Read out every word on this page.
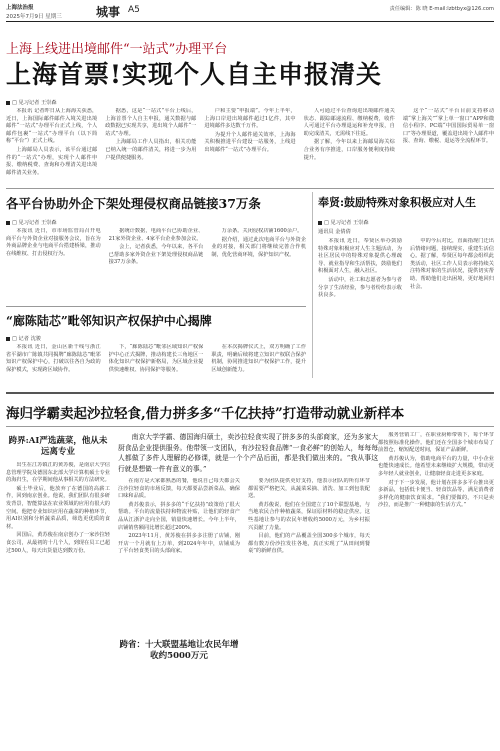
上海法治报
2025年7月9日 星期三	城事 A5	责任编辑：陈 晓 E-mail:lzbtbyx@126.com
上海上线进出境邮件“一站式”办理平台
上海首票!实现个人自主申报清关
□ 见习记者 王崇森

本报讯 记者昨日从上海海关获悉，近日，上海国际邮件邮件入境关进出境邮件“一站式”办理平台正式上线，个人邮件包裹“一站式”办理平台（以下简称“平台”）正式上线。

上海邮局人员表示，该平台通过邮件的“一站式”办理，实现个人邮件申报、缴纳税费、查询和办理清关进出境邮件清关业务。

据悉，这是“一站式”平台上线后，上海首票个人自主申报，通关数据与邮政数据已实现共享，进出境个人邮件“一站式”办理。

上海邮局工作人员指出，相关功能已纳入统一的邮件清关，将进一步为用户提供便捷服务。

户和主要“申报端”。今年上半年，上海口岸进出境邮件超过1亿件，其中进境邮件多达数千万件。

为提升个人邮件通关效率，上海海关积极推进平台建设一站服务，上线进出境邮件“一站式”办理平台。

人可通过平台查询进出境邮件通关状态、跟踪邮递流程、缴纳税费，收件人可通过平台办理退运和补充申报，自助完成清关，无需线下往返。

据了解，今年以来上海邮局海关综合业务有序推进，口岸服务便利度持续提升。

这个“一站式”平台目前支持移动端“掌上海关”“掌上单一窗口”APP和微信小程序、PC端“中国国际贸易单一窗口”等办理渠道，覆盖进出境个人邮件申报、查询、缴税、退运等全流程环节。

各平台协助外企下架处理侵权商品链接37万条
□ 见习记者 王崇森

本报讯 近日，市市场监管局召开电商平台与外资企业对接服务会议，旨在为外商品牌企业与电商平台搭建桥梁，推动在线维权、打击侵权行为。

据统计数据，电商平台已协助企业、21家外资企业、4家平台企业参加会议。

会上，记者获悉，今年以来，各平台已帮助多家外资企业下架处理侵权商品链接37万余条。

万余条。关闭侵权店铺1600余户。

据介绍，通过此次电商平台与外资企业的对接，相关部门将继续完善合作机制，优化营商环境，保护知识产权。

奉贤:鼓励特殊对象积极应对人生
□ 见习记者 王崇森
通讯员 金倩倩

本报讯 近日，奉贤区举办鼓励特殊对象积极应对人生主题活动，为社区居民中的特殊对象提供心理疏导、就业指导和生活帮扶，鼓励他们积极面对人生，融入社区。

活动中，社工和志愿者为参与者分享了生活经验，参与者纷纷表示收获良多。

中的今后对比，直面指现门迁出后情绪问题，接纳现实，重建生活信心。据了解，奉贤区每年都会组织此类活动，社区工作人员表示将持续关注特殊对象的生活状况，提供切实帮助，帮助他们走出困境，更好地回归社会。

“廊陈陆芯”毗邻知识产权保护中心揭牌
□ 记者 沈骏

本报讯 近日，金山区新干线与浙江省平湖市广陈镇共同揭牌“廊陈陆芯”毗邻知识产权保护中心，打破以往各自为政的保护模式，实现跨区域协作。

下，“廊陈陆芯”毗邻区域知识产权保护中心正式揭牌，推动构建长三角地区一体化知识产权保护新格局，为区域企业提供快速维权、协同保护等服务。

在本次揭牌仪式上，双方明确了工作职责，明确后续将建立知识产权联合保护机制，协同推进知识产权保护工作，提升区域创新能力。

海归学霸卖起沙拉轻食,借力拼多多“千亿扶持”打造带动就业新样本
南京大学学霸、德国海归硕士，卖沙拉轻食实现了拼多多的头部商家，还为多家大厨食品企业提供服务。他带领一支团队，有沙拉轻食品牌“一食必鲜”的创始人，每每每人都做了多件人理解的必修课，就是一个个产品后面，都是我们做出来的。“我从事这行就是想做一件有意义的事。”
跨界:AI严选蔬菜，他从未远离专业

出生在江苏镇江的黄苏俊，是南京大学信息管理学院及德国东北部大学计算机硕士专业的海归生，在学期间他从事相关的方法研究。

硕士毕业后，他放弃了在德国的高薪工作，回到南京创业。他说，我们团队有很多研发背景，智能算法在农业领域的应用有很大的空间。他把专业知识应用在蔬菜的种植环节，用AI识别和分析蔬菜品质，筛选更优质的食材。

回国后，黄苏俊在南京创办了一家沙拉轻食公司，从最初的十几个人，到现在员工已超过500人，每天出货量达到数万份。

在南方是大家都熟悉的餐，他说自己每天都会关注沙拉轻食的市场反馈，每天都要品尝新菜品，确保口味和品质。

黄苏俊表示，拼多多的“千亿扶持”政策给了很大帮助。平台的流量扶持和物流补贴，让他们的轻食产品从江浙沪走向全国，销量快速增长。今年上半年，店铺销售额同比增长超过200%。

2023年11月，黄苏俊在拼多多注册了店铺，刚开店一个月就有上万单，到2024年年中，店铺成为了平台轻食类目的头部商家。

跨省：十大联盟基地让农民年增收约5000万元

要为团队提供更好支持，他表示团队的所有环节都需要严格把关，从蔬菜采摘、清洗、加工到包装配送。

黄苏俊说，他们在全国建立了10个联盟基地，与当地农民合作种植蔬菜，保证原材料的稳定供应。这些基地让参与的农民年增收约5000万元，为乡村振兴贡献了力量。

目前，他们的产品覆盖全国300多个城市，每天都有数万份沙拉发往各地，真正实现了“从田间到餐桌”的新鲜直供。

服务营销工厂，在职业厨师带领下，每个环节都按照标准化操作。他们还在全国多个城市布局了前置仓，缩短配送时间，保证产品新鲜。

黄苏俊认为，借助电商平台的力量，中小企业也能快速成长。他希望未来继续扩大规模，带动更多年轻人就业创业，让健康轻食走进更多家庭。

对于下一步发展，他计划在拼多多平台推出更多新品，包括低卡便当、轻食饮品等，满足消费者多样化的健康饮食需求。“我们要做的，不只是卖沙拉，而是推广一种健康的生活方式。”
